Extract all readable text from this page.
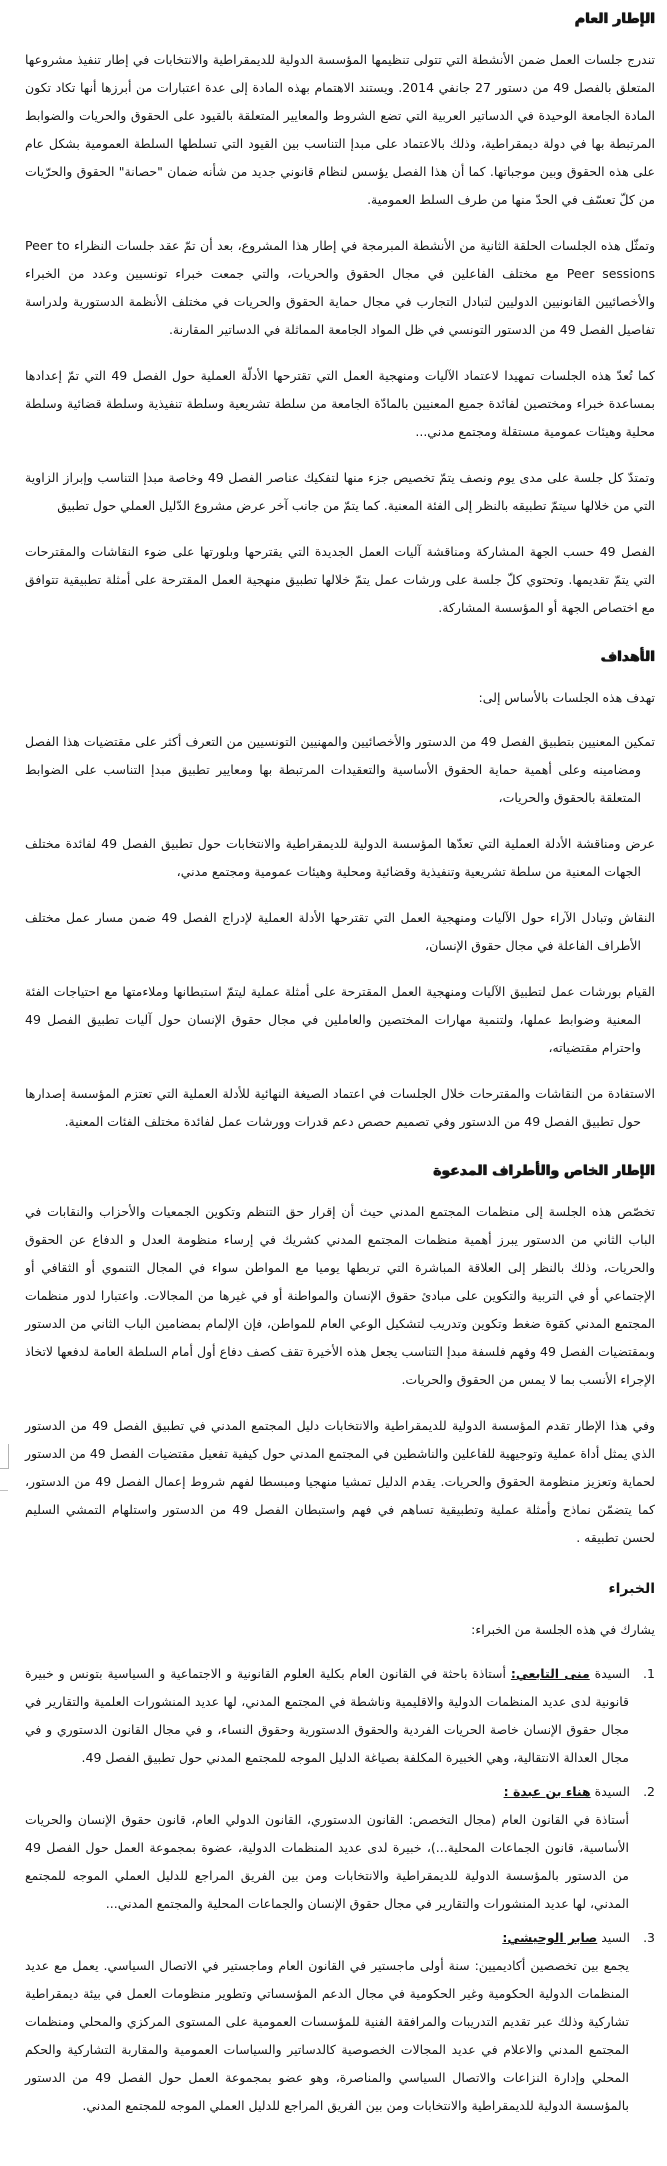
الإطار العام

تندرج جلسات العمل ضمن الأنشطة التي تتولى تنظيمها المؤسسة الدولية للديمقراطية والانتخابات في إطار تنفيذ مشروعها المتعلق بالفصل 49 من دستور 27 جانفي 2014. ويستند الاهتمام بهذه المادة إلى عدة اعتبارات من أبرزها أنها تكاد تكون المادة الجامعة الوحيدة في الدساتير العربية التي تضع الشروط والمعايير المتعلقة بالقيود على الحقوق والحريات والضوابط المرتبطة بها في دولة ديمقراطية، وذلك بالاعتماد على مبدإ التناسب بين القيود التي تسلطها السلطة العمومية بشكل عام على هذه الحقوق وبين موجباتها. كما أن هذا الفصل يؤسس لنظام قانوني جديد من شأنه ضمان "حصانة" الحقوق والحرّيات من كلّ تعسّف في الحدّ منها من طرف السلط العمومية.

وتمثّل هذه الجلسات الحلقة الثانية من الأنشطة المبرمجة في إطار هذا المشروع، بعد أن تمّ عقد جلسات النظراء Peer to Peer sessions مع مختلف الفاعلين في مجال الحقوق والحريات، والتي جمعت خبراء تونسيين وعدد من الخبراء والأخصائيين القانونيين الدوليين لتبادل التجارب في مجال حماية الحقوق والحريات في مختلف الأنظمة الدستورية ولدراسة تفاصيل الفصل 49 من الدستور التونسي في ظل المواد الجامعة المماثلة في الدساتير المقارنة.

كما تُعدّ هذه الجلسات تمهيدا لاعتماد الآليات ومنهجية العمل التي تقترحها الأدلّة العملية حول الفصل 49 التي تمّ إعدادها بمساعدة خبراء ومختصين لفائدة جميع المعنيين بالمادّة الجامعة من سلطة تشريعية وسلطة تنفيذية وسلطة قضائية وسلطة محلية وهيئات عمومية مستقلة ومجتمع مدني...

وتمتدّ كل جلسة على مدى يوم ونصف يتمّ تخصيص جزء منها لتفكيك عناصر الفصل 49 وخاصة مبدإ التناسب وإبراز الزاوية التي من خلالها سيتمّ تطبيقه بالنظر إلى الفئة المعنية. كما يتمّ من جانب آخر عرض مشروع الدّليل العملي حول تطبيق

الفصل 49 حسب الجهة المشاركة ومناقشة آليات العمل الجديدة التي يقترحها وبلورتها على ضوء النقاشات والمقترحات التي يتمّ تقديمها. وتحتوي كلّ جلسة على ورشات عمل يتمّ خلالها تطبيق منهجية العمل المقترحة على أمثلة تطبيقية تتوافق مع اختصاص الجهة أو المؤسسة المشاركة.

الأهداف

تهدف هذه الجلسات بالأساس إلى:

تمكين المعنيين بتطبيق الفصل 49 من الدستور والأخصائيين والمهنيين التونسيين من التعرف أكثر على مقتضيات هذا الفصل ومضامينه وعلى أهمية حماية الحقوق الأساسية والتعقيدات المرتبطة بها ومعايير تطبيق مبدإ التناسب على الضوابط المتعلقة بالحقوق والحريات،
عرض ومناقشة الأدلة العملية التي تعدّها المؤسسة الدولية للديمقراطية والانتخابات حول تطبيق الفصل 49 لفائدة مختلف الجهات المعنية من سلطة تشريعية وتنفيذية وقضائية ومحلية وهيئات عمومية ومجتمع مدني،
النقاش وتبادل الآراء حول الآليات ومنهجية العمل التي تقترحها الأدلة العملية لإدراج الفصل 49 ضمن مسار عمل مختلف الأطراف الفاعلة في مجال حقوق الإنسان،
القيام بورشات عمل لتطبيق الآليات ومنهجية العمل المقترحة على أمثلة عملية ليتمّ استبطانها وملاءمتها مع احتياجات الفئة المعنية وضوابط عملها، ولتنمية مهارات المختصين والعاملين في مجال حقوق الإنسان حول آليات تطبيق الفصل 49 واحترام مقتضياته،
الاستفادة من النقاشات والمقترحات خلال الجلسات في اعتماد الصيغة النهائية للأدلة العملية التي تعتزم المؤسسة إصدارها حول تطبيق الفصل 49 من الدستور وفي تصميم حصص دعم قدرات وورشات عمل لفائدة مختلف الفئات المعنية.
الإطار الخاص والأطراف المدعوة

تخصّص هذه الجلسة إلى منظمات المجتمع المدني حيث أن إقرار حق التنظم وتكوين الجمعيات والأحزاب والنقابات في الباب الثاني من الدستور يبرز أهمية منظمات المجتمع المدني كشريك في إرساء منظومة العدل و الدفاع عن الحقوق والحريات، وذلك بالنظر إلى العلاقة المباشرة التي تربطها يوميا مع المواطن سواء في المجال التنموي أو الثقافي أو الإجتماعي أو في التربية والتكوين على مبادئ حقوق الإنسان والمواطنة أو في غيرها من المجالات. واعتبارا لدور منظمات المجتمع المدني كقوة ضغط وتكوين وتدريب لتشكيل الوعي العام للمواطن، فإن الإلمام بمضامين الباب الثاني من الدستور وبمقتضيات الفصل 49 وفهم فلسفة مبدإ التناسب يجعل هذه الأخيرة تقف كصف دفاع أول أمام السلطة العامة لدفعها لاتخاذ الإجراء الأنسب بما لا يمس من الحقوق والحريات.

وفي هذا الإطار تقدم المؤسسة الدولية للديمقراطية والانتخابات دليل المجتمع المدني في تطبيق الفصل 49 من الدستور الذي يمثل أداة عملية وتوجيهية للفاعلين والناشطين في المجتمع المدني حول كيفية تفعيل مقتضيات الفصل 49 من الدستور لحماية وتعزيز منظومة الحقوق والحريات. يقدم الدليل تمشيا منهجيا ومبسطا لفهم شروط إعمال الفصل 49 من الدستور، كما يتضمّن نماذج وأمثلة عملية وتطبيقية تساهم في فهم واستبطان الفصل 49 من الدستور واستلهام التمشي السليم لحسن تطبيقه .

الخبراء

يشارك في هذه الجلسة من الخبراء:

1.السيدة منى التابعي: أستاذة باحثة في القانون العام بكلية العلوم القانونية و الاجتماعية و السياسية بتونس و خبيرة قانونية لدى عديد المنظمات الدولية والاقليمية وناشطة في المجتمع المدني، لها عديد المنشورات العلمية والتقارير في مجال حقوق الإنسان خاصة الحريات الفردية والحقوق الدستورية وحقوق النساء، و في مجال القانون الدستوري و في مجال العدالة الانتقالية، وهي الخبيرة المكلفة بصياغة الدليل الموجه للمجتمع المدني حول تطبيق الفصل 49.
2.السيدة هناء بن عبدة :

أستاذة في القانون العام (مجال التخصص: القانون الدستوري، القانون الدولي العام، قانون حقوق الإنسان والحريات الأساسية، قانون الجماعات المحلية...)، خبيرة لدى عديد المنظمات الدولية، عضوة بمجموعة العمل حول الفصل 49 من الدستور بالمؤسسة الدولية للديمقراطية والانتخابات ومن بين الفريق المراجع للدليل العملي الموجه للمجتمع المدني، لها عديد المنشورات والتقارير في مجال حقوق الإنسان والجماعات المحلية والمجتمع المدني...

3.السيد صابر الوحيشي:

يجمع بين تخصصين أكاديميين: سنة أولى ماجستير في القانون العام وماجستير في الاتصال السياسي. يعمل مع عديد المنظمات الدولية الحكومية وغير الحكومية في مجال الدعم المؤسساتي وتطوير منظومات العمل في بيئة ديمقراطية تشاركية وذلك عبر تقديم التدريبات والمرافقة الفنية للمؤسسات العمومية على المستوى المركزي والمحلي ومنظمات المجتمع المدني والاعلام في عديد المجالات الخصوصية كالدساتير والسياسات العمومية والمقاربة التشاركية والحكم المحلي وإدارة النزاعات والاتصال السياسي والمناصرة، وهو عضو بمجموعة العمل حول الفصل 49 من الدستور بالمؤسسة الدولية للديمقراطية والانتخابات ومن بين الفريق المراجع للدليل العملي الموجه للمجتمع المدني.
